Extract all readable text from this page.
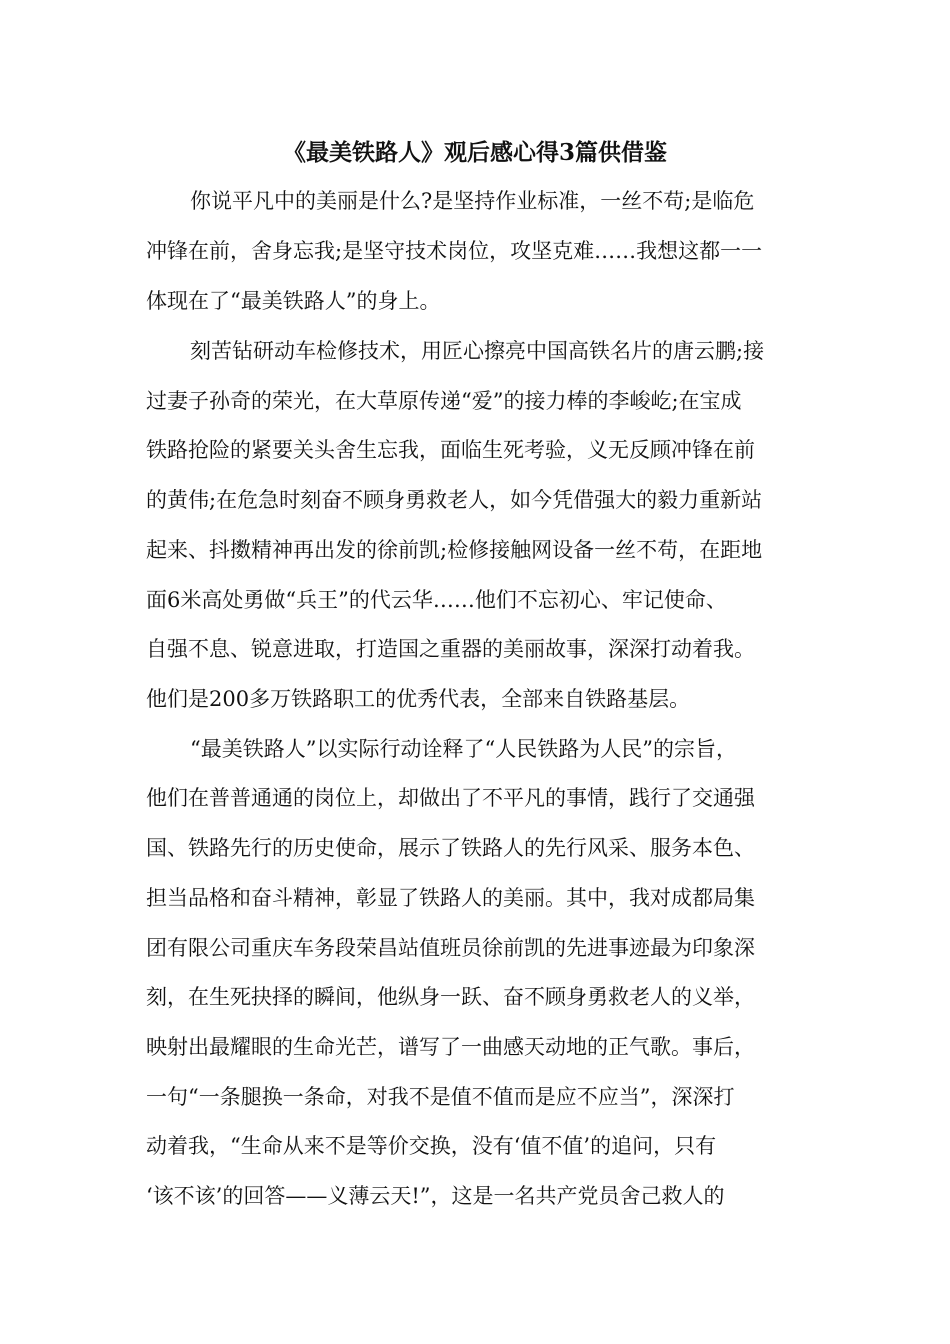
《最美铁路人》观后感心得3篇供借鉴

你说平凡中的美丽是什么?是坚持作业标准，一丝不苟;是临危

冲锋在前，舍身忘我;是坚守技术岗位，攻坚克难……我想这都一一

体现在了“最美铁路人”的身上。

刻苦钻研动车检修技术，用匠心擦亮中国高铁名片的唐云鹏;接

过妻子孙奇的荣光，在大草原传递“爱”的接力棒的李峻屹;在宝成

铁路抢险的紧要关头舍生忘我，面临生死考验，义无反顾冲锋在前

的黄伟;在危急时刻奋不顾身勇救老人，如今凭借强大的毅力重新站

起来、抖擞精神再出发的徐前凯;检修接触网设备一丝不苟，在距地

面6米高处勇做“兵王”的代云华……他们不忘初心、牢记使命、

自强不息、锐意进取，打造国之重器的美丽故事，深深打动着我。

他们是200多万铁路职工的优秀代表，全部来自铁路基层。

“最美铁路人”以实际行动诠释了“人民铁路为人民”的宗旨，

他们在普普通通的岗位上，却做出了不平凡的事情，践行了交通强

国、铁路先行的历史使命，展示了铁路人的先行风采、服务本色、

担当品格和奋斗精神，彰显了铁路人的美丽。其中，我对成都局集

团有限公司重庆车务段荣昌站值班员徐前凯的先进事迹最为印象深

刻，在生死抉择的瞬间，他纵身一跃、奋不顾身勇救老人的义举，

映射出最耀眼的生命光芒，谱写了一曲感天动地的正气歌。事后，

一句“一条腿换一条命，对我不是值不值而是应不应当”，深深打

动着我，“生命从来不是等价交换，没有‘值不值’的追问，只有

‘该不该’的回答——义薄云天!”，这是一名共产党员舍己救人的
